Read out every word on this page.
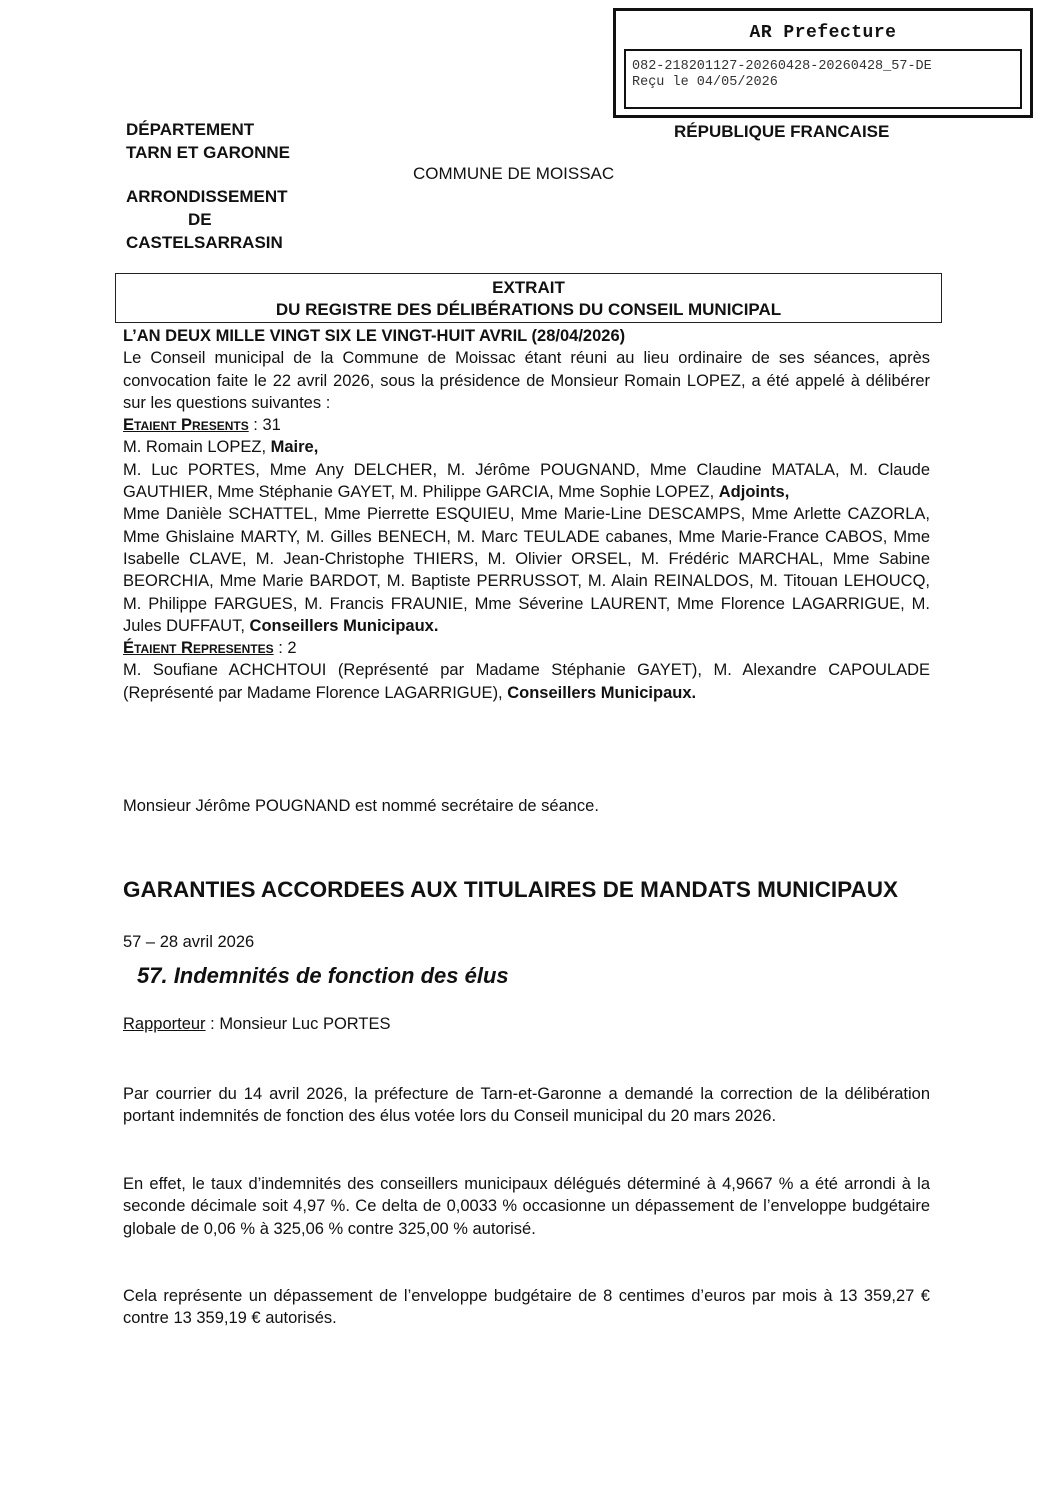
AR Prefecture
082-218201127-20260428-20260428_57-DE
Reçu le 04/05/2026
DÉPARTEMENT
TARN ET GARONNE
ARRONDISSEMENT
DE
CASTELSARRASIN
RÉPUBLIQUE FRANCAISE
COMMUNE DE MOISSAC
EXTRAIT
DU REGISTRE DES DÉLIBÉRATIONS DU CONSEIL MUNICIPAL

L’AN DEUX MILLE VINGT SIX LE VINGT-HUIT AVRIL (28/04/2026)

Le Conseil municipal de la Commune de Moissac étant réuni au lieu ordinaire de ses séances, après convocation faite le 22 avril 2026, sous la présidence de Monsieur Romain LOPEZ, a été appelé à délibérer sur les questions suivantes :

Etaient Presents : 31

M. Romain LOPEZ, Maire,

M. Luc PORTES, Mme Any DELCHER, M. Jérôme POUGNAND, Mme Claudine MATALA, M. Claude GAUTHIER, Mme Stéphanie GAYET, M. Philippe GARCIA, Mme Sophie LOPEZ, Adjoints,

Mme Danièle SCHATTEL, Mme Pierrette ESQUIEU, Mme Marie-Line DESCAMPS, Mme Arlette CAZORLA, Mme Ghislaine MARTY, M. Gilles BENECH, M. Marc TEULADE cabanes, Mme Marie-France CABOS, Mme Isabelle CLAVE, M. Jean-Christophe THIERS, M. Olivier ORSEL, M. Frédéric MARCHAL, Mme Sabine BEORCHIA, Mme Marie BARDOT, M. Baptiste PERRUSSOT, M. Alain REINALDOS, M. Titouan LEHOUCQ, M. Philippe FARGUES, M. Francis FRAUNIE, Mme Séverine LAURENT, Mme Florence LAGARRIGUE, M. Jules DUFFAUT, Conseillers Municipaux.

Étaient Representes : 2

M. Soufiane ACHCHTOUI (Représenté par Madame Stéphanie GAYET), M. Alexandre CAPOULADE (Représenté par Madame Florence LAGARRIGUE), Conseillers Municipaux.

Monsieur Jérôme POUGNAND est nommé secrétaire de séance.
GARANTIES ACCORDEES AUX TITULAIRES DE MANDATS MUNICIPAUX
57 – 28 avril 2026
57. Indemnités de fonction des élus
Rapporteur : Monsieur Luc PORTES
Par courrier du 14 avril 2026, la préfecture de Tarn-et-Garonne a demandé la correction de la délibération portant indemnités de fonction des élus votée lors du Conseil municipal du 20 mars 2026.
En effet, le taux d’indemnités des conseillers municipaux délégués déterminé à 4,9667 % a été arrondi à la seconde décimale soit 4,97 %. Ce delta de 0,0033 % occasionne un dépassement de l’enveloppe budgétaire globale de 0,06 % à 325,06 % contre 325,00 % autorisé.
Cela représente un dépassement de l’enveloppe budgétaire de 8 centimes d’euros par mois à 13 359,27 € contre 13 359,19 € autorisés.
